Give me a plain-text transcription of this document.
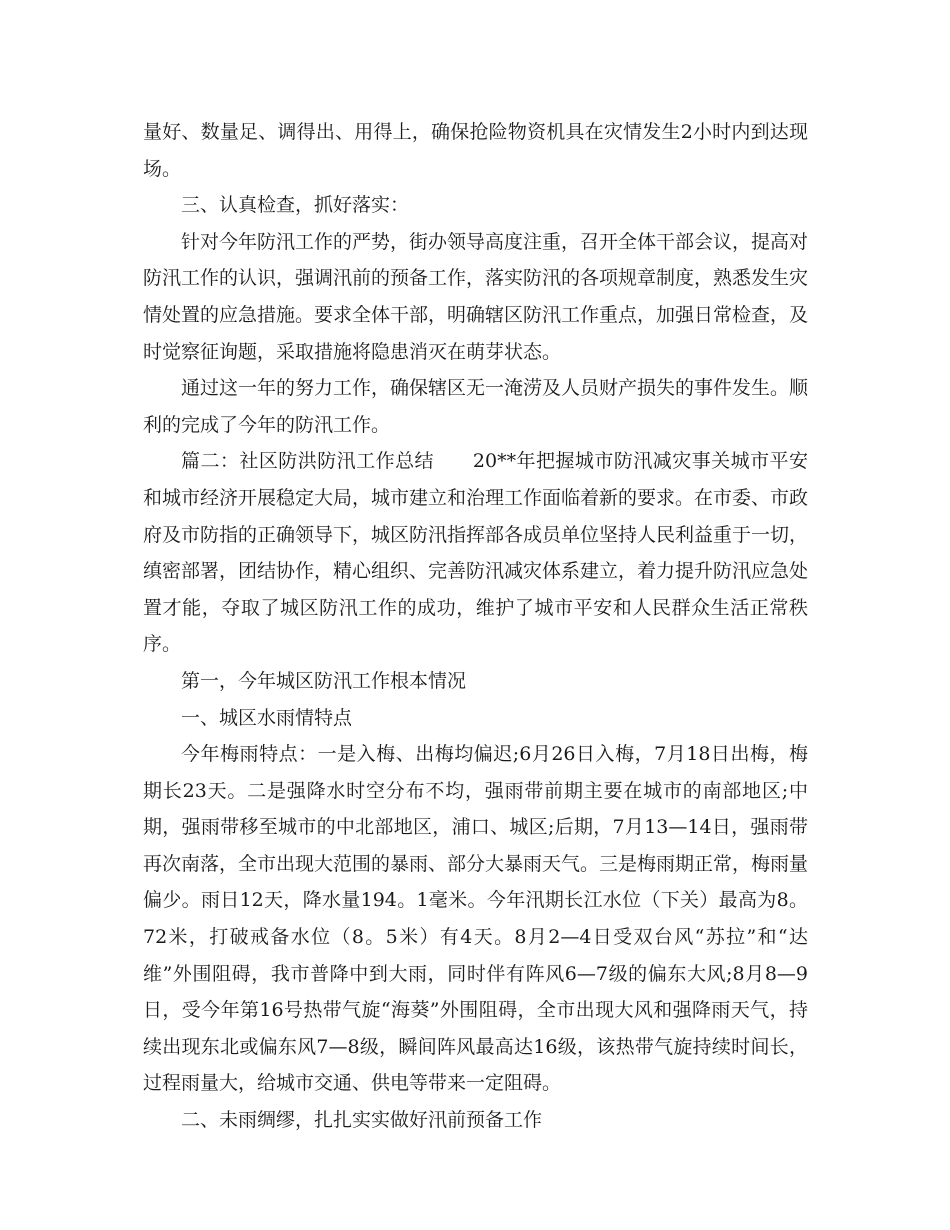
量好、数量足、调得出、用得上，确保抢险物资机具在灾情发生2小时内到达现场。

三、认真检查，抓好落实：

针对今年防汛工作的严势，街办领导高度注重，召开全体干部会议，提高对防汛工作的认识，强调汛前的预备工作，落实防汛的各项规章制度，熟悉发生灾情处置的应急措施。要求全体干部，明确辖区防汛工作重点，加强日常检查，及时觉察征询题，采取措施将隐患消灭在萌芽状态。

通过这一年的努力工作，确保辖区无一淹涝及人员财产损失的事件发生。顺利的完成了今年的防汛工作。

篇二：社区防洪防汛工作总结　　20**年把握城市防汛减灾事关城市平安和城市经济开展稳定大局，城市建立和治理工作面临着新的要求。在市委、市政府及市防指的正确领导下，城区防汛指挥部各成员单位坚持人民利益重于一切，缜密部署，团结协作，精心组织、完善防汛减灾体系建立，着力提升防汛应急处置才能，夺取了城区防汛工作的成功，维护了城市平安和人民群众生活正常秩序。

第一，今年城区防汛工作根本情况

一、城区水雨情特点

今年梅雨特点：一是入梅、出梅均偏迟;6月26日入梅，7月18日出梅，梅期长23天。二是强降水时空分布不均，强雨带前期主要在城市的南部地区;中期，强雨带移至城市的中北部地区，浦口、城区;后期，7月13—14日，强雨带再次南落，全市出现大范围的暴雨、部分大暴雨天气。三是梅雨期正常，梅雨量偏少。雨日12天，降水量194。1毫米。今年汛期长江水位（下关）最高为8。72米，打破戒备水位（8。5米）有4天。8月2—4日受双台风“苏拉”和“达维”外围阻碍，我市普降中到大雨，同时伴有阵风6—7级的偏东大风;8月8—9日，受今年第16号热带气旋“海葵”外围阻碍，全市出现大风和强降雨天气，持续出现东北或偏东风7—8级，瞬间阵风最高达16级，该热带气旋持续时间长，过程雨量大，给城市交通、供电等带来一定阻碍。

二、未雨绸缪，扎扎实实做好汛前预备工作
